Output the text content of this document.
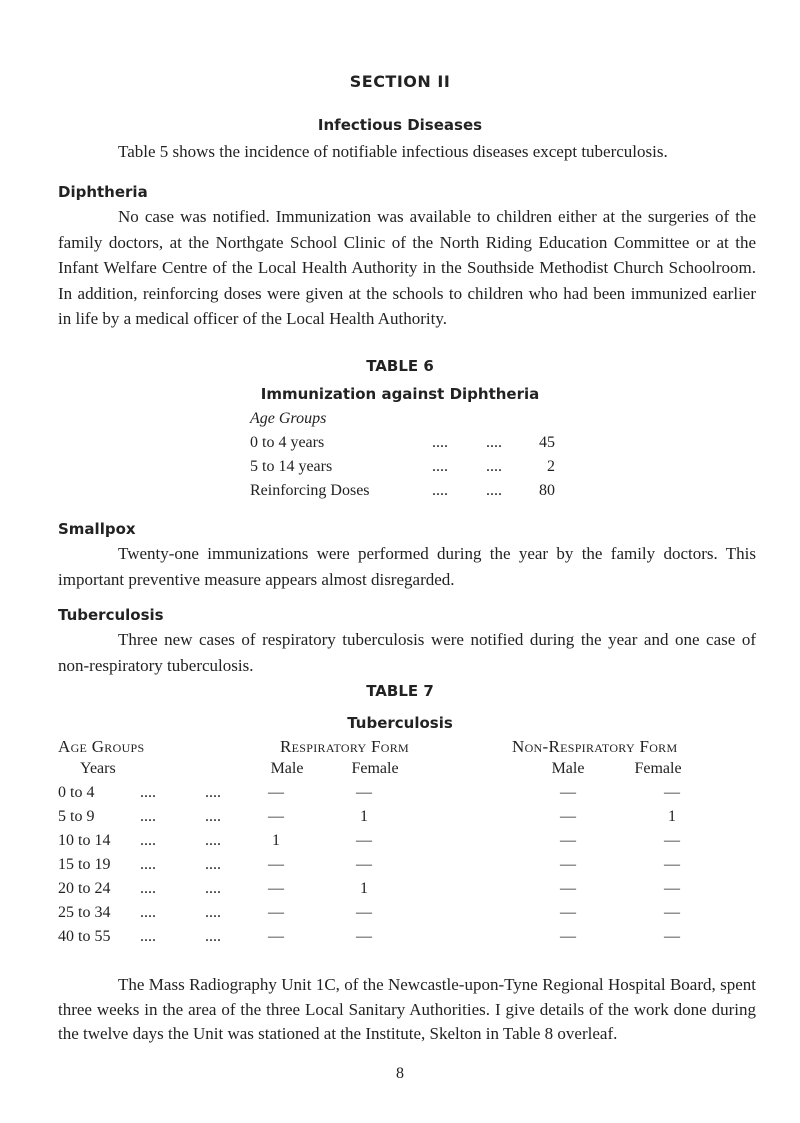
SECTION II
Infectious Diseases

Table 5 shows the incidence of notifiable infectious diseases except tuberculosis.

Diphtheria

No case was notified. Immunization was available to children either at the surgeries of the family doctors, at the Northgate School Clinic of the North Riding Education Committee or at the Infant Welfare Centre of the Local Health Authority in the Southside Methodist Church Schoolroom. In addition, reinforcing doses were given at the schools to children who had been immunized earlier in life by a medical officer of the Local Health Authority.

TABLE 6
Immunization against Diphtheria
Age Groups
0 to 4 years	.... ....	45
5 to 14 years	.... ....	2
Reinforcing Doses	.... ....	80
Smallpox

Twenty-one immunizations were performed during the year by the family doctors. This important preventive measure appears almost disregarded.

Tuberculosis

Three new cases of respiratory tuberculosis were notified during the year and one case of non-respiratory tuberculosis.

TABLE 7
Tuberculosis
Age Groups	Respiratory Form	Non-Respiratory Form
Years	Male	Female	Male	Female
0 to 4	....	....	—	—	—	—
5 to 9	....	....	—	1	—	1
10 to 14 ....	....	1	—	—	—
15 to 19 ....	....	—	—	—	—
20 to 24 ....	....	—	1	—	—
25 to 34 ....	....	—	—	—	—
40 to 55 ....	....	—	—	—	—

The Mass Radiography Unit 1C, of the Newcastle-upon-Tyne Regional Hospital Board, spent three weeks in the area of the three Local Sanitary Authorities. I give details of the work done during the twelve days the Unit was stationed at the Institute, Skelton in Table 8 overleaf.

8
